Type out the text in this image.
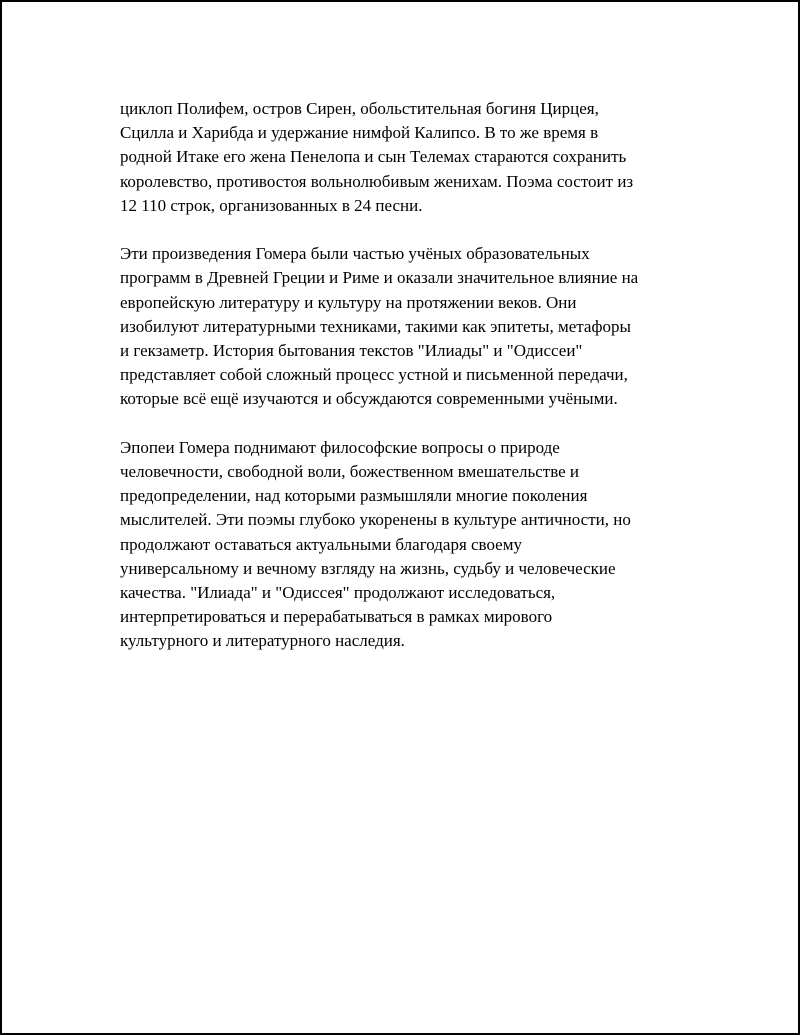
циклоп Полифем, остров Сирен, обольстительная богиня Цирцея,
Сцилла и Харибда и удержание нимфой Калипсо. В то же время в
родной Итаке его жена Пенелопа и сын Телемах стараются сохранить
королевство, противостоя вольнолюбивым женихам. Поэма состоит из
12 110 строк, организованных в 24 песни.

Эти произведения Гомера были частью учёных образовательных
программ в Древней Греции и Риме и оказали значительное влияние на
европейскую литературу и культуру на протяжении веков. Они
изобилуют литературными техниками, такими как эпитеты, метафоры
и гекзаметр. История бытования текстов "Илиады" и "Одиссеи"
представляет собой сложный процесс устной и письменной передачи,
которые всё ещё изучаются и обсуждаются современными учёными.

Эпопеи Гомера поднимают философские вопросы о природе
человечности, свободной воли, божественном вмешательстве и
предопределении, над которыми размышляли многие поколения
мыслителей. Эти поэмы глубоко укоренены в культуре античности, но
продолжают оставаться актуальными благодаря своему
универсальному и вечному взгляду на жизнь, судьбу и человеческие
качества. "Илиада" и "Одиссея" продолжают исследоваться,
интерпретироваться и перерабатываться в рамках мирового
культурного и литературного наследия.
